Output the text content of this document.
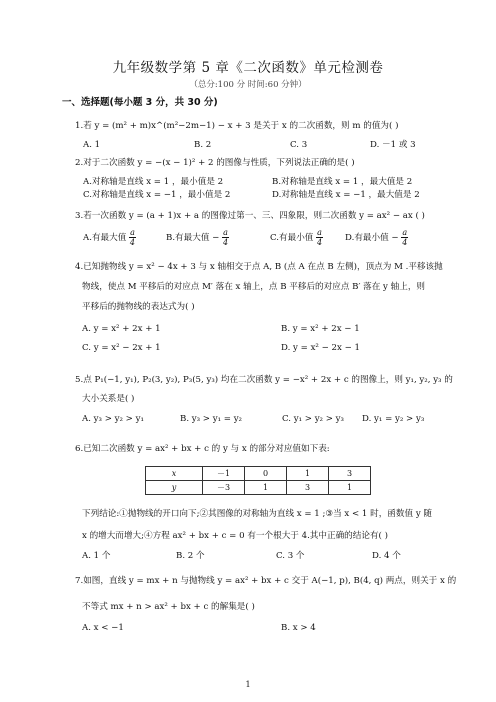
九年级数学第 5 章《二次函数》单元检测卷
（总分:100 分 时间:60 分钟）
一、选择题(每小题 3 分，共 30 分)
1.若 y = (m² + m)x^(m²−2m−1) − x + 3 是关于 x 的二次函数，则 m 的值为( )
A. 1	B. 2	C. 3	D. －1 或 3
2.对于二次函数 y = −(x − 1)² + 2 的图像与性质，下列说法正确的是( )
A.对称轴是直线 x = 1 ，最小值是 2	B.对称轴是直线 x = 1 ，最大值是 2
C.对称轴是直线 x = −1 ，最小值是 2	D.对称轴是直线 x = −1 ，最大值是 2
3.若一次函数 y = (a + 1)x + a 的图像过第一、三、四象限，则二次函数 y = ax² − ax ( )
A.有最大值 $\frac{a}{4}$	B.有最大值 − $\frac{a}{4}$	C.有最小值 $\frac{a}{4}$	D.有最小值 − $\frac{a}{4}$
4.已知抛物线 y = x² − 4x + 3 与 x 轴相交于点 A, B (点 A 在点 B 左侧)，顶点为 M .平移该抛
物线，使点 M 平移后的对应点 M′ 落在 x 轴上，点 B 平移后的对应点 B′ 落在 y 轴上，则
平移后的抛物线的表达式为( )
A. y = x² + 2x + 1	B. y = x² + 2x − 1
C. y = x² − 2x + 1	D. y = x² − 2x − 1
5.点 P₁(−1, y₁), P₂(3, y₂), P₃(5, y₃) 均在二次函数 y = −x² + 2x + c 的图像上，则 y₁, y₂, y₃ 的
大小关系是( )
A. y₃ > y₂ > y₁	B. y₃ > y₁ = y₂	C. y₁ > y₂ > y₃ D. y₁ = y₂ > y₃
6.已知二次函数 y = ax² + bx + c 的 y 与 x 的部分对应值如下表:
x	－1	0	1	3
y	－3	1	3	1
下列结论:①抛物线的开口向下;②其图像的对称轴为直线 x = 1 ;③当 x < 1 时，函数值 y 随
x 的增大而增大;④方程 ax² + bx + c = 0 有一个根大于 4.其中正确的结论有( )
A. 1 个	B. 2 个	C. 3 个	D. 4 个
7.如图，直线 y = mx + n 与抛物线 y = ax² + bx + c 交于 A(−1, p), B(4, q) 两点，则关于 x 的
不等式 mx + n > ax² + bx + c 的解集是( )
A. x < −1	B. x > 4
1
